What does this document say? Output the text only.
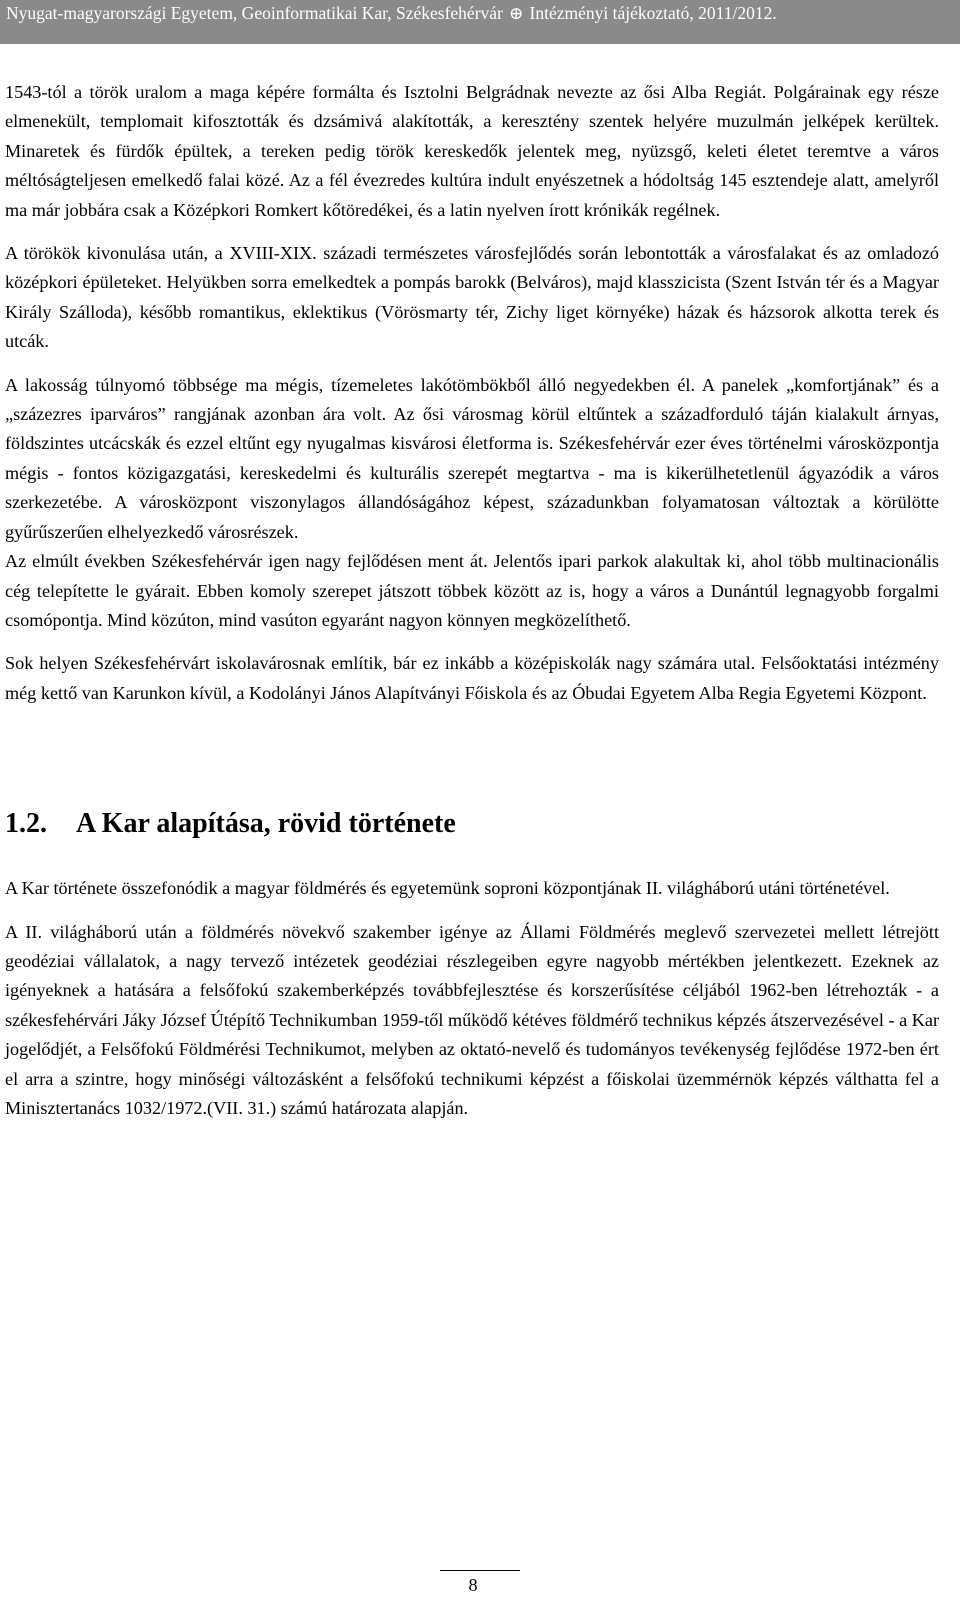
Nyugat-magyarországi Egyetem, Geoinformatikai Kar, Székesfehérvár ⊕ Intézményi tájékoztató, 2011/2012.

1543-tól a török uralom a maga képére formálta és Isztolni Belgrádnak nevezte az ősi Alba Regiát. Polgárainak egy része elmenekült, templomait kifosztották és dzsámivá alakították, a keresztény szentek helyére muzulmán jelképek kerültek. Minaretek és fürdők épültek, a tereken pedig török kereskedők jelentek meg, nyüzsgő, keleti életet teremtve a város méltóságteljesen emelkedő falai közé. Az a fél évezredes kultúra indult enyészetnek a hódoltság 145 esztendeje alatt, amelyről ma már jobbára csak a Középkori Romkert kőtöredékei, és a latin nyelven írott krónikák regélnek.

A törökök kivonulása után, a XVIII-XIX. századi természetes városfejlődés során lebontották a városfalakat és az omladozó középkori épületeket. Helyükben sorra emelkedtek a pompás barokk (Belváros), majd klasszicista (Szent István tér és a Magyar Király Szálloda), később romantikus, eklektikus (Vörösmarty tér, Zichy liget környéke) házak és házsorok alkotta terek és utcák.

A lakosság túlnyomó többsége ma mégis, tízemeletes lakótömbökből álló negyedekben él. A panelek „komfortjának” és a „százezres iparváros” rangjának azonban ára volt. Az ősi városmag körül eltűntek a századforduló táján kialakult árnyas, földszintes utcácskák és ezzel eltűnt egy nyugalmas kisvárosi életforma is. Székesfehérvár ezer éves történelmi városközpontja mégis - fontos közigazgatási, kereskedelmi és kulturális szerepét megtartva - ma is kikerülhetetlenül ágyazódik a város szerkezetébe. A városközpont viszonylagos állandóságához képest, századunkban folyamatosan változtak a körülötte gyűrűszerűen elhelyezkedő városrészek.

Az elmúlt években Székesfehérvár igen nagy fejlődésen ment át. Jelentős ipari parkok alakultak ki, ahol több multinacionális cég telepítette le gyárait. Ebben komoly szerepet játszott többek között az is, hogy a város a Dunántúl legnagyobb forgalmi csomópontja. Mind közúton, mind vasúton egyaránt nagyon könnyen megközelíthető.

Sok helyen Székesfehérvárt iskolavárosnak említik, bár ez inkább a középiskolák nagy számára utal. Felsőoktatási intézmény még kettő van Karunkon kívül, a Kodolányi János Alapítványi Főiskola és az Óbudai Egyetem Alba Regia Egyetemi Központ.

1.2.	A Kar alapítása, rövid története

A Kar története összefonódik a magyar földmérés és egyetemünk soproni központjának II. világháború utáni történetével.

A II. világháború után a földmérés növekvő szakember igénye az Állami Földmérés meglevő szervezetei mellett létrejött geodéziai vállalatok, a nagy tervező intézetek geodéziai részlegeiben egyre nagyobb mértékben jelentkezett. Ezeknek az igényeknek a hatására a felsőfokú szakemberképzés továbbfejlesztése és korszerűsítése céljából 1962-ben létrehozták - a székesfehérvári Jáky József Útépítő Technikumban 1959-től működő kétéves földmérő technikus képzés átszervezésével - a Kar jogelődjét, a Felsőfokú Földmérési Technikumot, melyben az oktató-nevelő és tudományos tevékenység fejlődése 1972-ben ért el arra a szintre, hogy minőségi változásként a felsőfokú technikumi képzést a főiskolai üzemmérnök képzés válthatta fel a Minisztertanács 1032/1972.(VII. 31.) számú határozata alapján.

8
